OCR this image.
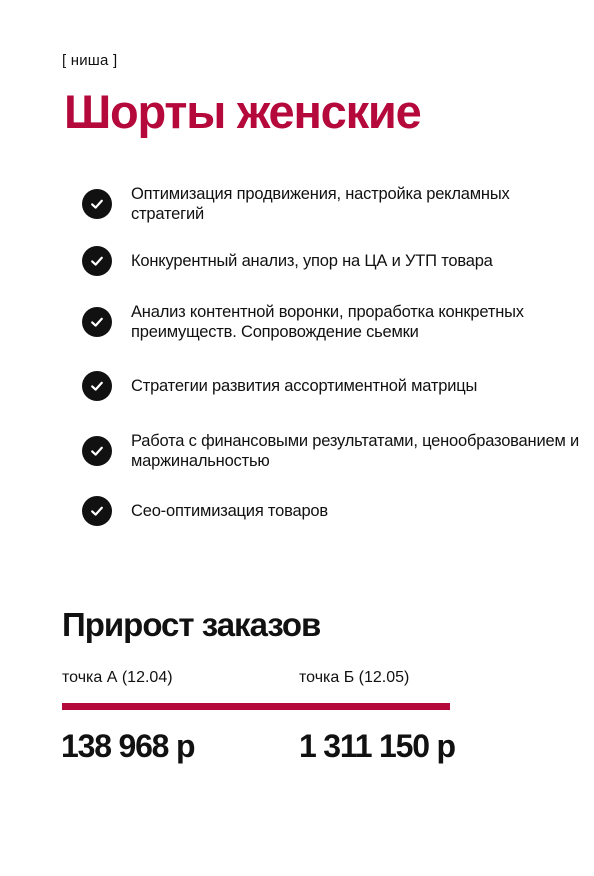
[ ниша ]
Шорты женские
Оптимизация продвижения, настройка рекламных стратегий
Конкурентный анализ, упор на ЦА и УТП товара
Анализ контентной воронки, проработка конкретных преимуществ. Сопровождение сьемки
Стратегии развития ассортиментной матрицы
Работа с финансовыми результатами, ценообразованием и маржинальностью
Сео-оптимизация товаров
Прирост заказов
точка А (12.04)	точка Б (12.05)
138 968 р	1 311 150 р
